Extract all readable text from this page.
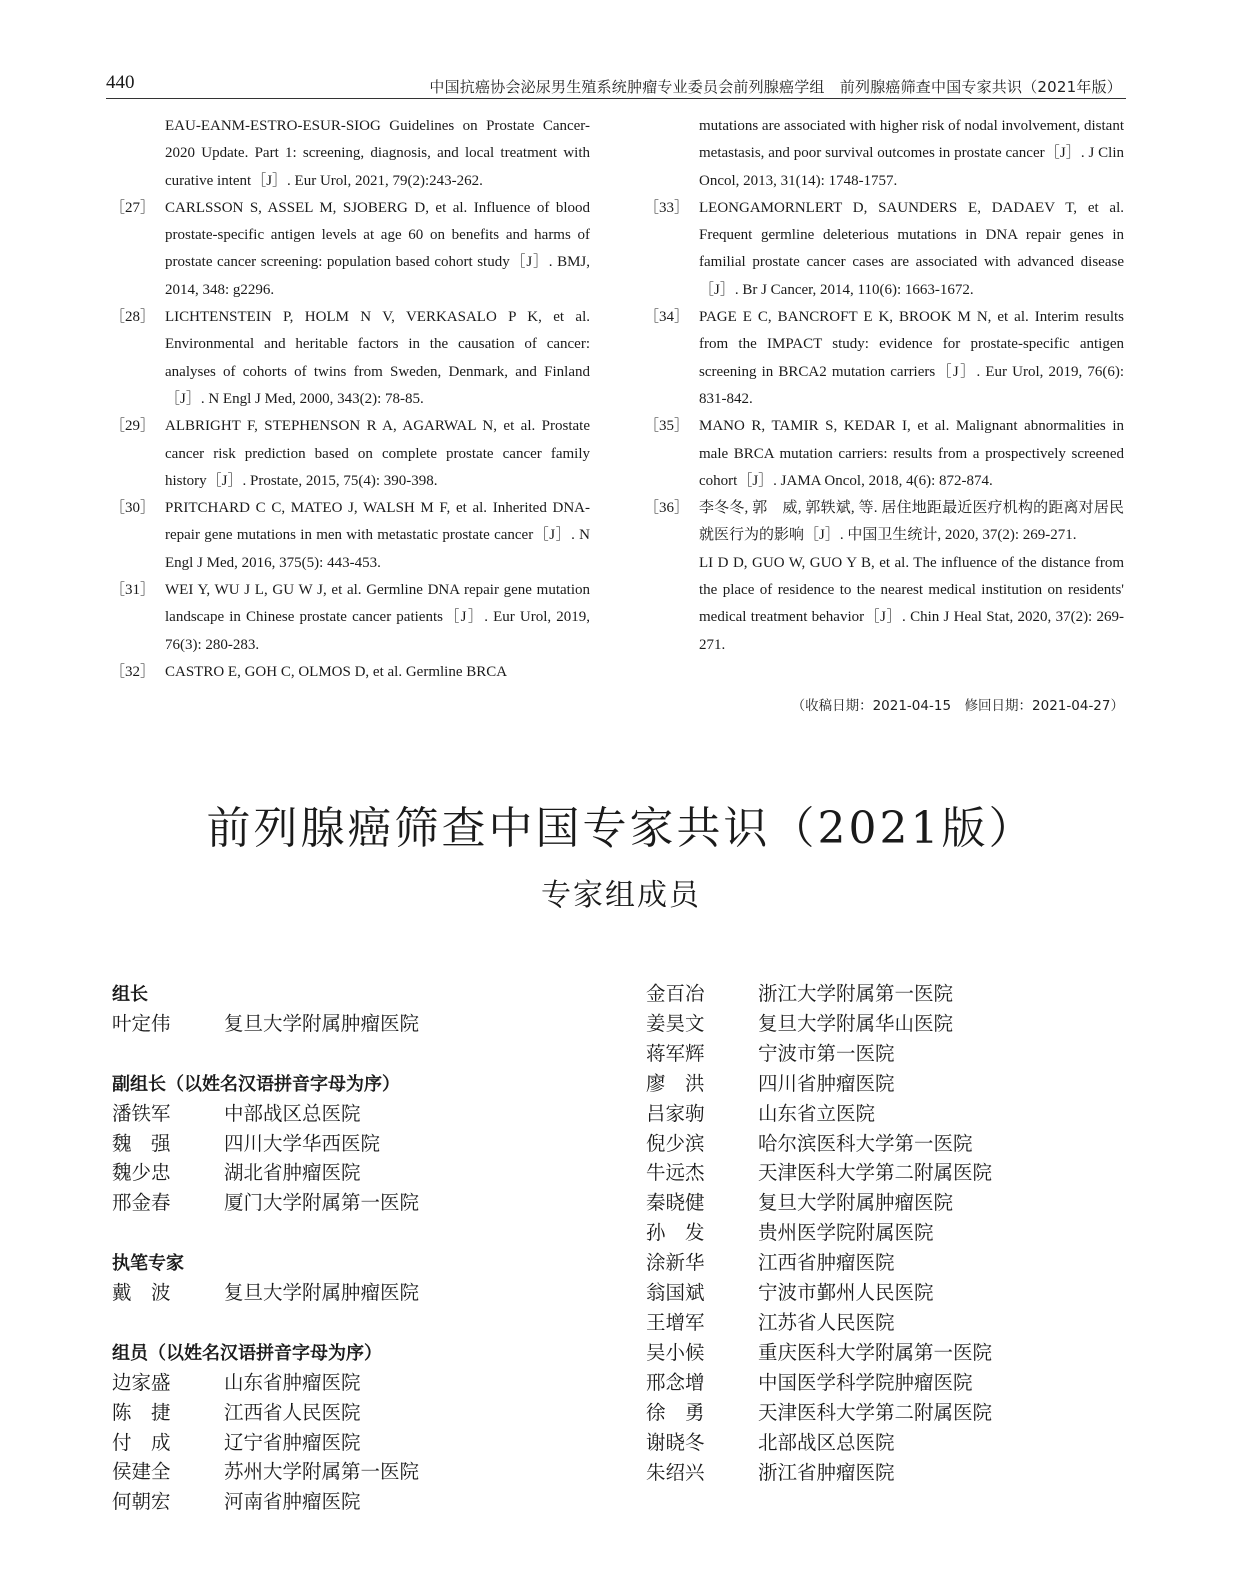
440	中国抗癌协会泌尿男生殖系统肿瘤专业委员会前列腺癌学组　前列腺癌筛查中国专家共识（2021年版）
EAU-EANM-ESTRO-ESUR-SIOG Guidelines on Prostate Cancer-2020 Update. Part 1: screening, diagnosis, and local treatment with curative intent［J］. Eur Urol, 2021, 79(2):243-262.
［27］ CARLSSON S, ASSEL M, SJOBERG D, et al. Influence of blood prostate-specific antigen levels at age 60 on benefits and harms of prostate cancer screening: population based cohort study［J］. BMJ, 2014, 348: g2296.
［28］ LICHTENSTEIN P, HOLM N V, VERKASALO P K, et al. Environmental and heritable factors in the causation of cancer: analyses of cohorts of twins from Sweden, Denmark, and Finland［J］. N Engl J Med, 2000, 343(2): 78-85.
［29］ ALBRIGHT F, STEPHENSON R A, AGARWAL N, et al. Prostate cancer risk prediction based on complete prostate cancer family history［J］. Prostate, 2015, 75(4): 390-398.
［30］ PRITCHARD C C, MATEO J, WALSH M F, et al. Inherited DNA-repair gene mutations in men with metastatic prostate cancer［J］. N Engl J Med, 2016, 375(5): 443-453.
［31］ WEI Y, WU J L, GU W J, et al. Germline DNA repair gene mutation landscape in Chinese prostate cancer patients［J］. Eur Urol, 2019, 76(3): 280-283.
［32］ CASTRO E, GOH C, OLMOS D, et al. Germline BRCA
mutations are associated with higher risk of nodal involvement, distant metastasis, and poor survival outcomes in prostate cancer［J］. J Clin Oncol, 2013, 31(14): 1748-1757.
［33］ LEONGAMORNLERT D, SAUNDERS E, DADAEV T, et al. Frequent germline deleterious mutations in DNA repair genes in familial prostate cancer cases are associated with advanced disease［J］. Br J Cancer, 2014, 110(6): 1663-1672.
［34］ PAGE E C, BANCROFT E K, BROOK M N, et al. Interim results from the IMPACT study: evidence for prostate-specific antigen screening in BRCA2 mutation carriers［J］. Eur Urol, 2019, 76(6): 831-842.
［35］ MANO R, TAMIR S, KEDAR I, et al. Malignant abnormalities in male BRCA mutation carriers: results from a prospectively screened cohort［J］. JAMA Oncol, 2018, 4(6): 872-874.
［36］ 李冬冬, 郭　威, 郭轶斌, 等. 居住地距最近医疗机构的距离对居民就医行为的影响［J］. 中国卫生统计, 2020, 37(2): 269-271.
LI D D, GUO W, GUO Y B, et al. The influence of the distance from the place of residence to the nearest medical institution on residents' medical treatment behavior［J］. Chin J Heal Stat, 2020, 37(2): 269-271.
（收稿日期：2021-04-15　修回日期：2021-04-27）
前列腺癌筛查中国专家共识（2021版）
专家组成员
组长
叶定伟	复旦大学附属肿瘤医院
副组长（以姓名汉语拼音字母为序）
潘铁军	中部战区总医院
魏　强	四川大学华西医院
魏少忠	湖北省肿瘤医院
邢金春	厦门大学附属第一医院
执笔专家
戴　波	复旦大学附属肿瘤医院
组员（以姓名汉语拼音字母为序）
边家盛	山东省肿瘤医院
陈　捷	江西省人民医院
付　成	辽宁省肿瘤医院
侯建全	苏州大学附属第一医院
何朝宏	河南省肿瘤医院
金百冶	浙江大学附属第一医院
姜昊文	复旦大学附属华山医院
蒋军辉	宁波市第一医院
廖　洪	四川省肿瘤医院
吕家驹	山东省立医院
倪少滨	哈尔滨医科大学第一医院
牛远杰	天津医科大学第二附属医院
秦晓健	复旦大学附属肿瘤医院
孙　发	贵州医学院附属医院
涂新华	江西省肿瘤医院
翁国斌	宁波市鄞州人民医院
王增军	江苏省人民医院
吴小候	重庆医科大学附属第一医院
邢念增	中国医学科学院肿瘤医院
徐　勇	天津医科大学第二附属医院
谢晓冬	北部战区总医院
朱绍兴	浙江省肿瘤医院
